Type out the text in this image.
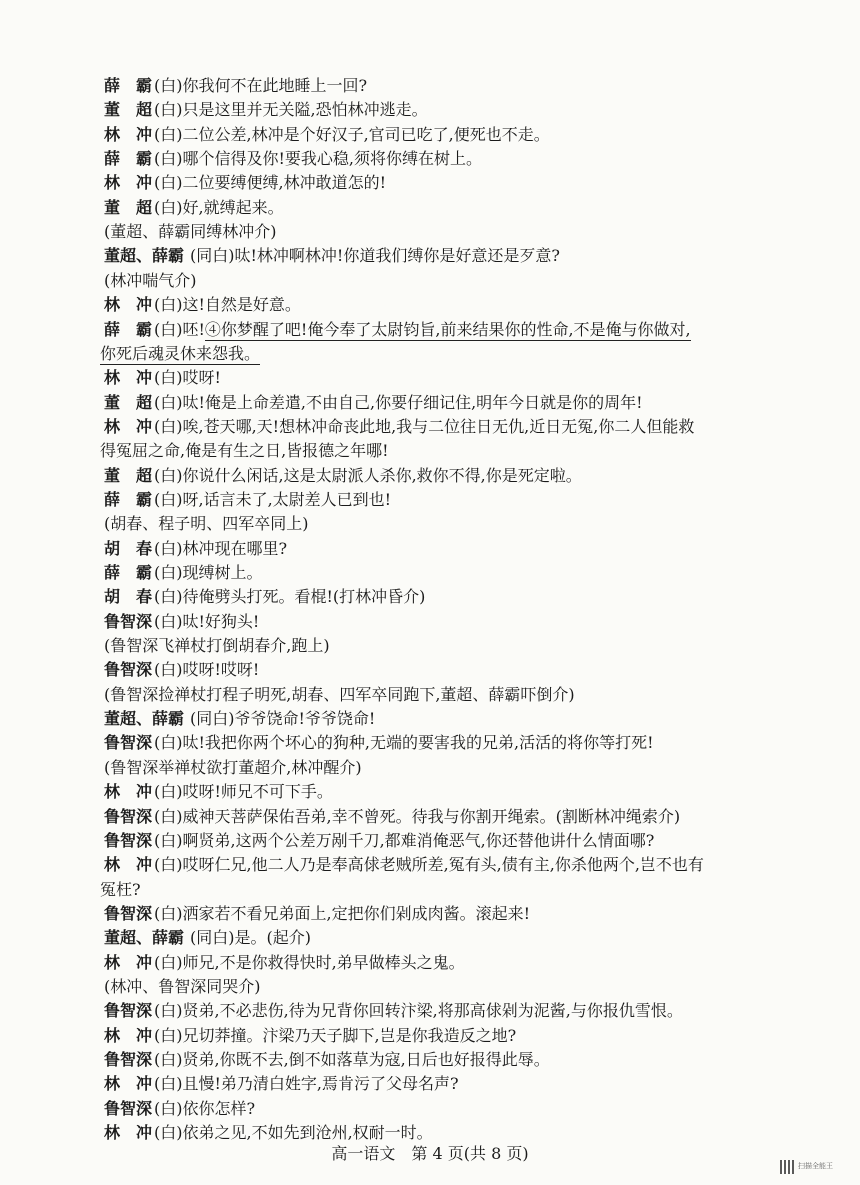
薛　霸 (白)你我何不在此地睡上一回?
董　超 (白)只是这里并无关隘,恐怕林冲逃走。
林　冲 (白)二位公差,林冲是个好汉子,官司已吃了,便死也不走。
薛　霸 (白)哪个信得及你!要我心稳,须将你缚在树上。
林　冲 (白)二位要缚便缚,林冲敢道怎的!
董　超 (白)好,就缚起来。
(董超、薛霸同缚林冲介)
董超、薛霸 (同白)呔!林冲啊林冲!你道我们缚你是好意还是歹意?
(林冲喘气介)
林　冲 (白)这!自然是好意。
薛　霸 (白)呸!④你梦醒了吧!俺今奉了太尉钧旨,前来结果你的性命,不是俺与你做对,
你死后魂灵休来怨我。
林　冲 (白)哎呀!
董　超 (白)呔!俺是上命差遣,不由自己,你要仔细记住,明年今日就是你的周年!
林　冲 (白)唉,苍天哪,天!想林冲命丧此地,我与二位往日无仇,近日无冤,你二人但能救
得冤屈之命,俺是有生之日,皆报德之年哪!
董　超 (白)你说什么闲话,这是太尉派人杀你,救你不得,你是死定啦。
薛　霸 (白)呀,话言未了,太尉差人已到也!
(胡春、程子明、四军卒同上)
胡　春 (白)林冲现在哪里?
薛　霸 (白)现缚树上。
胡　春 (白)待俺劈头打死。看棍!(打林冲昏介)
鲁智深 (白)呔!好狗头!
(鲁智深飞禅杖打倒胡春介,跑上)
鲁智深 (白)哎呀!哎呀!
(鲁智深捡禅杖打程子明死,胡春、四军卒同跑下,董超、薛霸吓倒介)
董超、薛霸 (同白)爷爷饶命!爷爷饶命!
鲁智深 (白)呔!我把你两个坏心的狗种,无端的要害我的兄弟,活活的将你等打死!
(鲁智深举禅杖欲打董超介,林冲醒介)
林　冲 (白)哎呀!师兄不可下手。
鲁智深 (白)威神天菩萨保佑吾弟,幸不曾死。待我与你割开绳索。(割断林冲绳索介)
鲁智深 (白)啊贤弟,这两个公差万剐千刀,都难消俺恶气,你还替他讲什么情面哪?
林　冲 (白)哎呀仁兄,他二人乃是奉高俅老贼所差,冤有头,债有主,你杀他两个,岂不也有
冤枉?
鲁智深 (白)洒家若不看兄弟面上,定把你们剁成肉酱。滚起来!
董超、薛霸 (同白)是。(起介)
林　冲 (白)师兄,不是你救得快时,弟早做棒头之鬼。
(林冲、鲁智深同哭介)
鲁智深 (白)贤弟,不必悲伤,待为兄背你回转汴梁,将那高俅剁为泥酱,与你报仇雪恨。
林　冲 (白)兄切莽撞。汴梁乃天子脚下,岂是你我造反之地?
鲁智深 (白)贤弟,你既不去,倒不如落草为寇,日后也好报得此辱。
林　冲 (白)且慢!弟乃清白姓字,焉肯污了父母名声?
鲁智深 (白)依你怎样?
林　冲 (白)依弟之见,不如先到沧州,权耐一时。
高一语文　第 4 页(共 8 页)
扫描全能王
